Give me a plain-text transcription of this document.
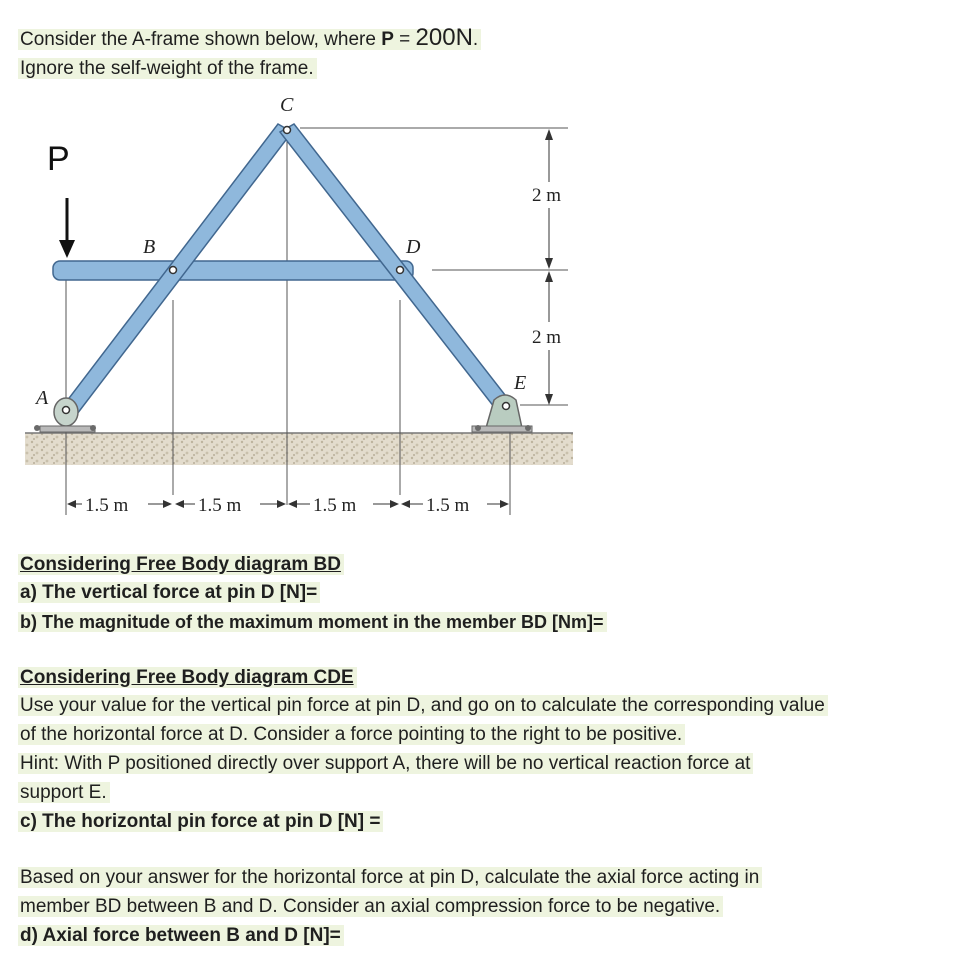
Consider the A-frame shown below, where P = 200N.
Ignore the self-weight of the frame.
P
C
B	D
A
E
2 m
2 m
1.5 m	1.5 m	1.5 m	1.5 m
Considering Free Body diagram BD
a) The vertical force at pin D [N]=
b) The magnitude of the maximum moment in the member BD [Nm]=
Considering Free Body diagram CDE
Use your value for the vertical pin force at pin D, and go on to calculate the corresponding value
of the horizontal force at D. Consider a force pointing to the right to be positive.
Hint: With P positioned directly over support A, there will be no vertical reaction force at
support E.
c) The horizontal pin force at pin D [N] =
Based on your answer for the horizontal force at pin D, calculate the axial force acting in
member BD between B and D. Consider an axial compression force to be negative.
d) Axial force between B and D [N]=
